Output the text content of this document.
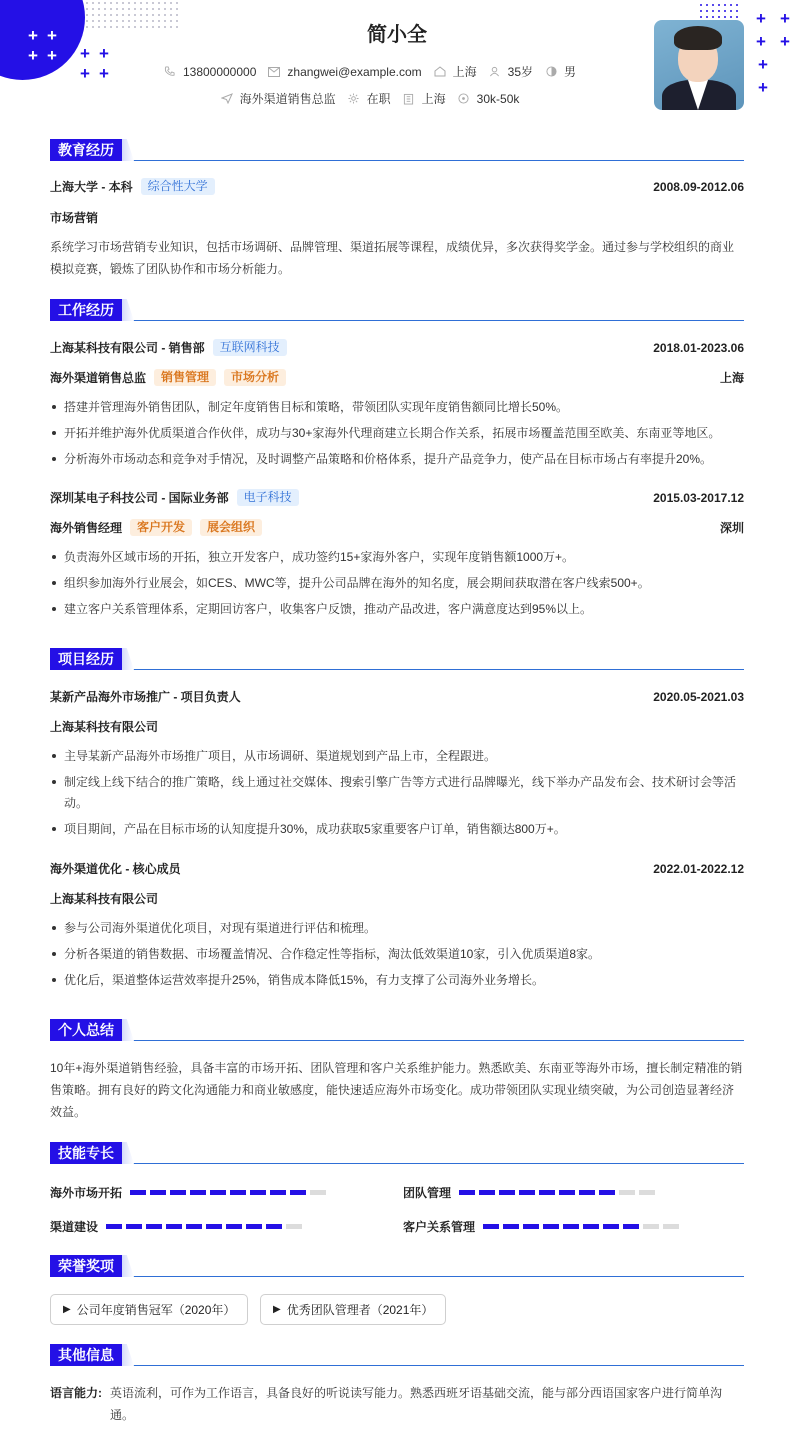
+ +
+ + + +
+ +
+ +
+ +
+
+
简小全
13800000000	zhangwei@example.com	上海	35岁	男
海外渠道销售总监	在职	上海	30k-50k
教育经历
上海大学 - 本科	综合性大学	2008.09-2012.06
市场营销
系统学习市场营销专业知识，包括市场调研、品牌管理、渠道拓展等课程，成绩优异，多次获得奖学金。通过参与学校组织的商业模拟竞赛，锻炼了团队协作和市场分析能力。
工作经历
上海某科技有限公司 - 销售部	互联网科技	2018.01-2023.06
海外渠道销售总监	销售管理	市场分析	上海
搭建并管理海外销售团队，制定年度销售目标和策略，带领团队实现年度销售额同比增长50%。
开拓并维护海外优质渠道合作伙伴，成功与30+家海外代理商建立长期合作关系，拓展市场覆盖范围至欧美、东南亚等地区。
分析海外市场动态和竞争对手情况，及时调整产品策略和价格体系，提升产品竞争力，使产品在目标市场占有率提升20%。
深圳某电子科技公司 - 国际业务部	电子科技	2015.03-2017.12
海外销售经理	客户开发	展会组织	深圳
负责海外区域市场的开拓，独立开发客户，成功签约15+家海外客户，实现年度销售额1000万+。
组织参加海外行业展会，如CES、MWC等，提升公司品牌在海外的知名度，展会期间获取潜在客户线索500+。
建立客户关系管理体系，定期回访客户，收集客户反馈，推动产品改进，客户满意度达到95%以上。
项目经历
某新产品海外市场推广 - 项目负责人	2020.05-2021.03
上海某科技有限公司
主导某新产品海外市场推广项目，从市场调研、渠道规划到产品上市，全程跟进。
制定线上线下结合的推广策略，线上通过社交媒体、搜索引擎广告等方式进行品牌曝光，线下举办产品发布会、技术研讨会等活动。
项目期间，产品在目标市场的认知度提升30%，成功获取5家重要客户订单，销售额达800万+。
海外渠道优化 - 核心成员	2022.01-2022.12
上海某科技有限公司
参与公司海外渠道优化项目，对现有渠道进行评估和梳理。
分析各渠道的销售数据、市场覆盖情况、合作稳定性等指标，淘汰低效渠道10家，引入优质渠道8家。
优化后，渠道整体运营效率提升25%，销售成本降低15%，有力支撑了公司海外业务增长。
个人总结
10年+海外渠道销售经验，具备丰富的市场开拓、团队管理和客户关系维护能力。熟悉欧美、东南亚等海外市场，擅长制定精准的销售策略。拥有良好的跨文化沟通能力和商业敏感度，能快速适应海外市场变化。成功带领团队实现业绩突破，为公司创造显著经济效益。
技能专长
海外市场开拓	团队管理
渠道建设	客户关系管理
荣誉奖项
▶ 公司年度销售冠军（2020年）	▶ 优秀团队管理者（2021年）
其他信息
语言能力: 英语流利，可作为工作语言，具备良好的听说读写能力。熟悉西班牙语基础交流，能与部分西语国家客户进行简单沟通。
